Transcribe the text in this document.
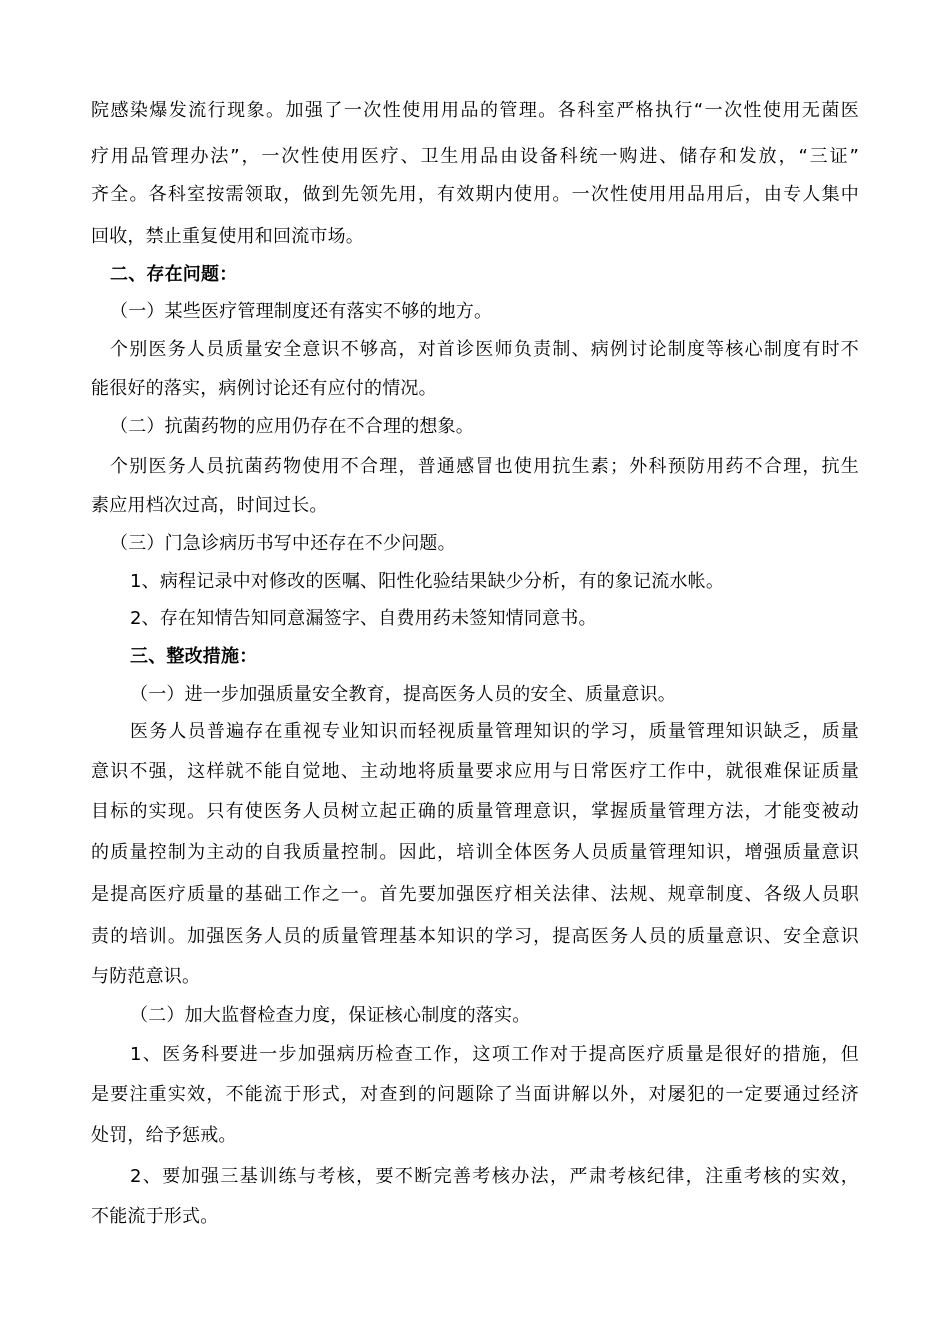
院感染爆发流行现象。加强了一次性使用用品的管理。各科室严格执行“一次性使用无菌医
疗用品管理办法”，一次性使用医疗、卫生用品由设备科统一购进、储存和发放，“三证”
齐全。各科室按需领取，做到先领先用，有效期内使用。一次性使用用品用后，由专人集中
回收，禁止重复使用和回流市场。
二、存在问题：
（一）某些医疗管理制度还有落实不够的地方。
个别医务人员质量安全意识不够高，对首诊医师负责制、病例讨论制度等核心制度有时不
能很好的落实，病例讨论还有应付的情况。
（二）抗菌药物的应用仍存在不合理的想象。
个别医务人员抗菌药物使用不合理，普通感冒也使用抗生素；外科预防用药不合理，抗生
素应用档次过高，时间过长。
（三）门急诊病历书写中还存在不少问题。
1、病程记录中对修改的医嘱、阳性化验结果缺少分析，有的象记流水帐。
2、存在知情告知同意漏签字、自费用药未签知情同意书。
三、整改措施：
（一）进一步加强质量安全教育，提高医务人员的安全、质量意识。
医务人员普遍存在重视专业知识而轻视质量管理知识的学习，质量管理知识缺乏，质量
意识不强，这样就不能自觉地、主动地将质量要求应用与日常医疗工作中，就很难保证质量
目标的实现。只有使医务人员树立起正确的质量管理意识，掌握质量管理方法，才能变被动
的质量控制为主动的自我质量控制。因此，培训全体医务人员质量管理知识，增强质量意识
是提高医疗质量的基础工作之一。首先要加强医疗相关法律、法规、规章制度、各级人员职
责的培训。加强医务人员的质量管理基本知识的学习，提高医务人员的质量意识、安全意识
与防范意识。
（二）加大监督检查力度，保证核心制度的落实。
1、医务科要进一步加强病历检查工作，这项工作对于提高医疗质量是很好的措施，但
是要注重实效，不能流于形式，对查到的问题除了当面讲解以外，对屡犯的一定要通过经济
处罚，给予惩戒。
2、要加强三基训练与考核，要不断完善考核办法，严肃考核纪律，注重考核的实效，
不能流于形式。
